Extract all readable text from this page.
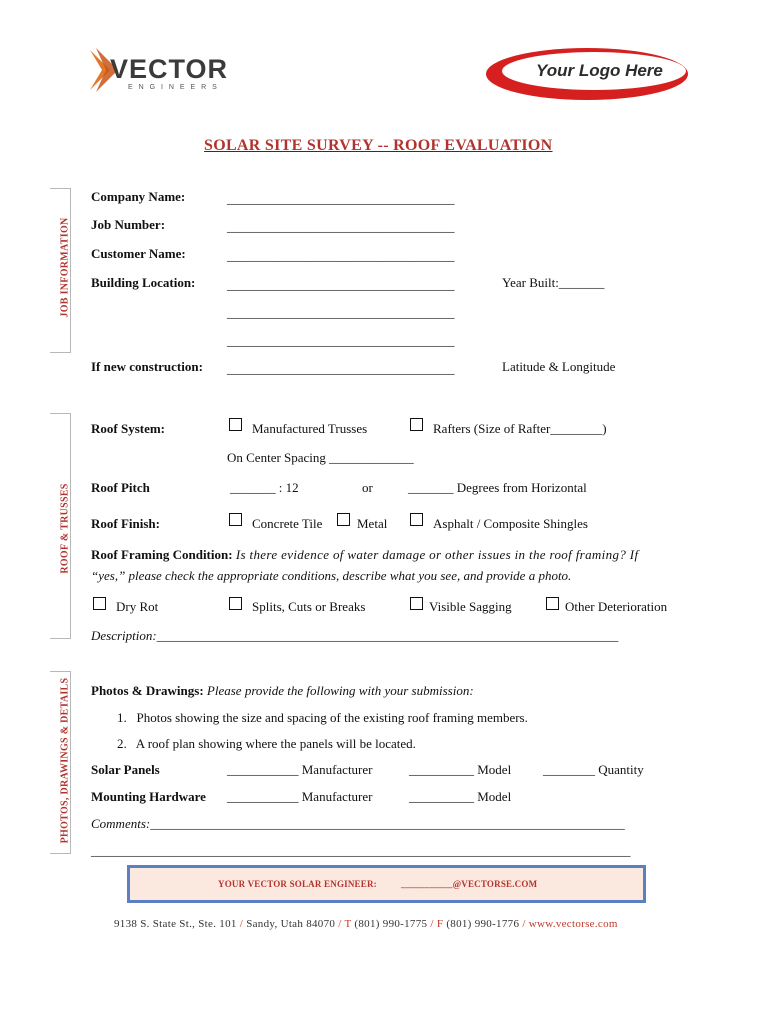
VECTOR
E N G I N E E R S
Your Logo Here
SOLAR SITE SURVEY -- ROOF EVALUATION
JOB INFORMATION
Company Name:	___________________________________
Job Number:	___________________________________
Customer Name:	___________________________________
Building Location: ___________________________________	Year Built:_______
___________________________________
___________________________________
If new construction: ___________________________________	Latitude & Longitude
ROOF & TRUSSES
Roof System:	Manufactured Trusses	Rafters (Size of Rafter________)
On Center Spacing _____________
Roof Pitch	_______ : 12	or	_______ Degrees from Horizontal
Roof Finish:	Concrete Tile	Metal	Asphalt / Composite Shingles
Roof Framing Condition: Is there evidence of water damage or other issues in the roof framing? If
“yes,” please check the appropriate conditions, describe what you see, and provide a photo.
Dry Rot	Splits, Cuts or Breaks	Visible Sagging	Other Deterioration
Description:_______________________________________________________________________
PHOTOS, DRAWINGS & DETAILS Photos & Drawings: Please provide the following with your submission:
1.   Photos showing the size and spacing of the existing roof framing members.
2.   A roof plan showing where the panels will be located.
Solar Panels	___________ Manufacturer	__________ Model ________ Quantity
Mounting Hardware ___________ Manufacturer	__________ Model
Comments:_________________________________________________________________________
___________________________________________________________________________________
YOUR VECTOR SOLAR ENGINEER:	___________@VECTORSE.COM
9138 S. State St., Ste. 101 / Sandy, Utah 84070 / T (801) 990-1775 / F (801) 990-1776 / www.vectorse.com
